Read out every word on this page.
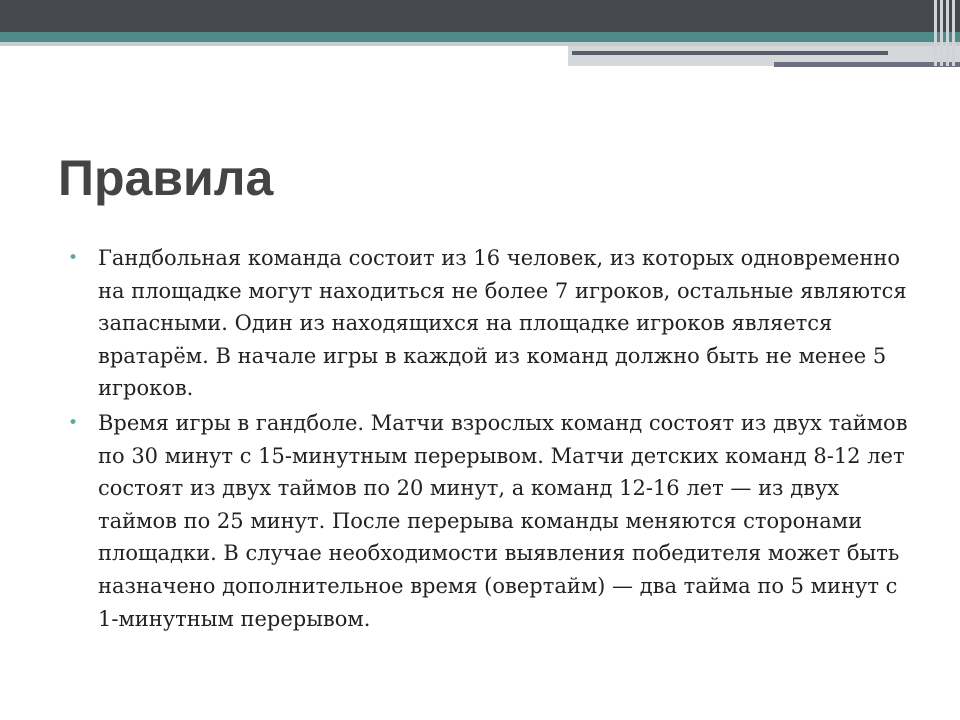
Правила
• Гандбольная команда состоит из 16 человек, из которых одновременно на площадке могут находиться не более 7 игроков, остальные являются запасными. Один из находящихся на площадке игроков является вратарём. В начале игры в каждой из команд должно быть не менее 5 игроков.
• Время игры в гандболе. Матчи взрослых команд состоят из двух таймов по 30 минут с 15-минутным перерывом. Матчи детских команд 8-12 лет состоят из двух таймов по 20 минут, а команд 12-16 лет — из двух таймов по 25 минут. После перерыва команды меняются сторонами площадки. В случае необходимости выявления победителя может быть назначено дополнительное время (овертайм) — два тайма по 5 минут с 1-минутным перерывом.
